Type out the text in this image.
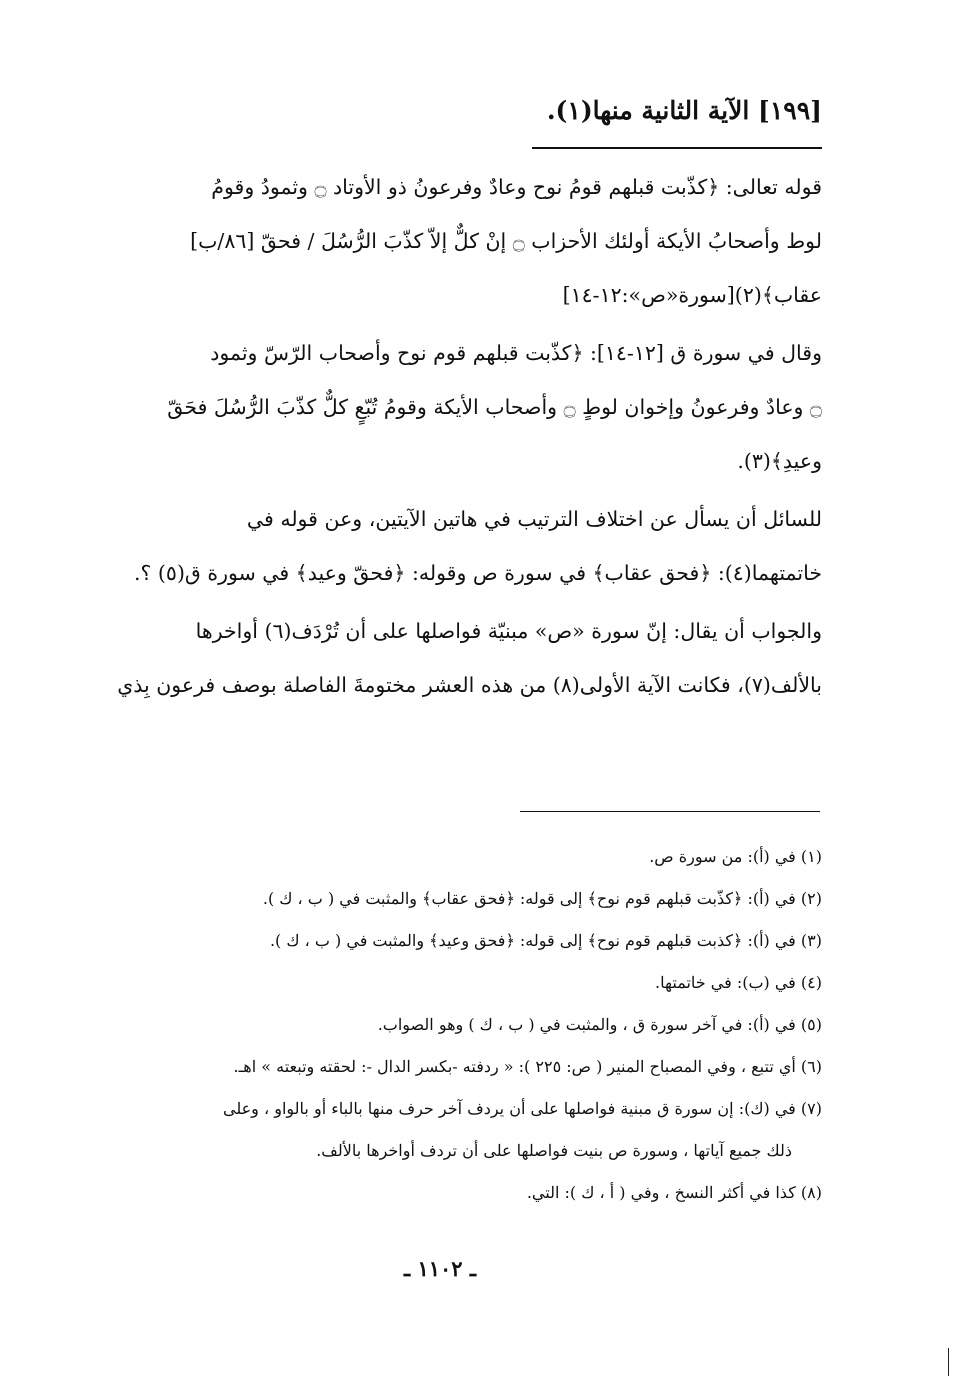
[١٩٩] الآية الثانية منها(١).
قوله تعالى: ﴿كذّبت قبلهم قومُ نوح وعادٌ وفرعونُ ذو الأوتاد ۝ وثمودُ وقومُ
لوط وأصحابُ الأيكة أولئك الأحزاب ۝ إنْ كلٌّ إلاّ كذّبَ الرُّسُلَ / فحقّ [٨٦/ب]
عقاب﴾(٢)[سورة«ص»:١٢-١٤]
وقال في سورة ق [١٢-١٤]: ﴿كذّبت قبلهم قوم نوح وأصحاب الرّسّ وثمود
۝ وعادٌ وفرعونُ وإخوان لوطٍ ۝ وأصحاب الأيكة وقومُ تُبّعٍ كلٌّ كذّبَ الرُّسُلَ فحَقّ
وعيدِ﴾(٣).
للسائل أن يسأل عن اختلاف الترتيب في هاتين الآيتين، وعن قوله في
خاتمتهما(٤): ﴿فحق عقاب﴾ في سورة ص وقوله: ﴿فحقّ وعيد﴾ في سورة ق(٥) ؟.
والجواب أن يقال: إنّ سورة «ص» مبنيّة فواصلها على أن تُرْدَف(٦) أواخرها
بالألف(٧)، فكانت الآية الأولى(٨) من هذه العشر مختومةَ الفاصلة بوصف فرعون بِذي
(١) في (أ): من سورة ص.
(٢) في (أ): ﴿كذّبت قبلهم قوم نوح﴾ إلى قوله: ﴿فحق عقاب﴾ والمثبت في ( ب ، ك ).
(٣) في (أ): ﴿كذبت قبلهم قوم نوح﴾ إلى قوله: ﴿فحق وعيد﴾ والمثبت في ( ب ، ك ).
(٤) في (ب): في خاتمتها.
(٥) في (أ): في آخر سورة ق ، والمثبت في ( ب ، ك ) وهو الصواب.
(٦) أي تتبع ، وفي المصباح المنير ( ص: ٢٢٥ ): « ردفته -بكسر الدال -: لحقته وتبعته » اهـ.
(٧) في (ك): إن سورة ق مبنية فواصلها على أن يردف آخر حرف منها بالباء أو بالواو ، وعلى
ذلك جميع آياتها ، وسورة ص بنيت فواصلها على أن تردف أواخرها بالألف.
(٨) كذا في أكثر النسخ ، وفي ( أ ، ك ): التي.
ـ ١١٠٢ ـ
